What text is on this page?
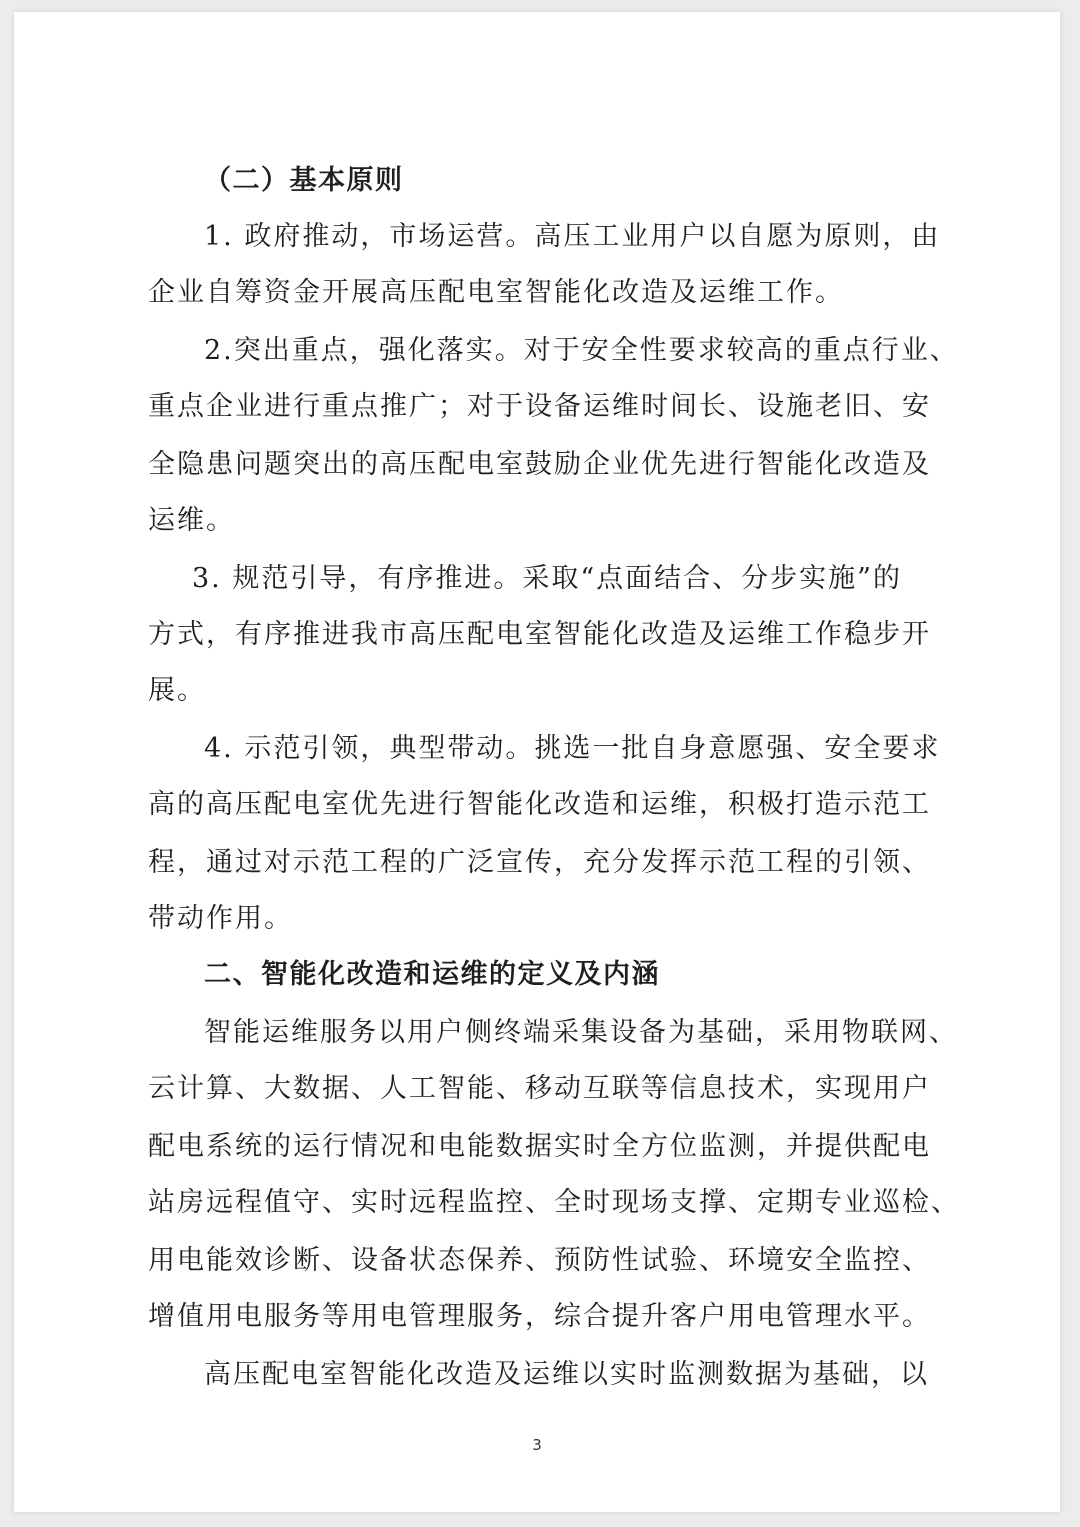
（二）基本原则
1. 政府推动，市场运营。高压工业用户以自愿为原则，由
企业自筹资金开展高压配电室智能化改造及运维工作。
2.突出重点，强化落实。对于安全性要求较高的重点行业、
重点企业进行重点推广；对于设备运维时间长、设施老旧、安
全隐患问题突出的高压配电室鼓励企业优先进行智能化改造及
运维。
3. 规范引导，有序推进。采取“点面结合、分步实施”的
方式，有序推进我市高压配电室智能化改造及运维工作稳步开
展。
4. 示范引领，典型带动。挑选一批自身意愿强、安全要求
高的高压配电室优先进行智能化改造和运维，积极打造示范工
程，通过对示范工程的广泛宣传，充分发挥示范工程的引领、
带动作用。
二、智能化改造和运维的定义及内涵
智能运维服务以用户侧终端采集设备为基础，采用物联网、
云计算、大数据、人工智能、移动互联等信息技术，实现用户
配电系统的运行情况和电能数据实时全方位监测，并提供配电
站房远程值守、实时远程监控、全时现场支撑、定期专业巡检、
用电能效诊断、设备状态保养、预防性试验、环境安全监控、
增值用电服务等用电管理服务，综合提升客户用电管理水平。
高压配电室智能化改造及运维以实时监测数据为基础，以
3
